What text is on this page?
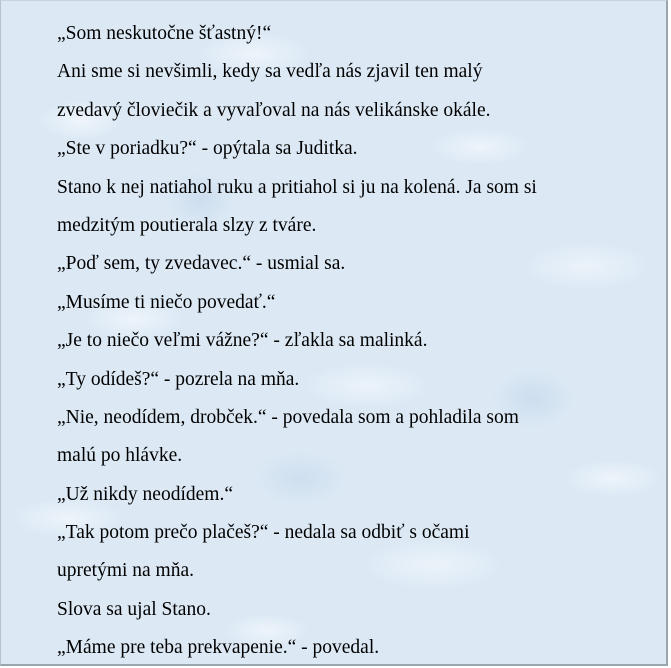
„Som neskutočne šťastný!“
Ani sme si nevšimli, kedy sa vedľa nás zjavil ten malý
zvedavý človiečik a vyvaľoval na nás velikánske okále.
„Ste v poriadku?“ - opýtala sa Juditka.
Stano k nej natiahol ruku a pritiahol si ju na kolená. Ja som si
medzitým poutierala slzy z tváre.
„Poď sem, ty zvedavec.“ - usmial sa.
„Musíme ti niečo povedať.“
„Je to niečo veľmi vážne?“ - zľakla sa malinká.
„Ty odídeš?“ - pozrela na mňa.
„Nie, neodídem, drobček.“ - povedala som a pohladila som
malú po hlávke.
„Už nikdy neodídem.“
„Tak potom prečo plačeš?“ - nedala sa odbiť s očami
upretými na mňa.
Slova sa ujal Stano.
„Máme pre teba prekvapenie.“ - povedal.
